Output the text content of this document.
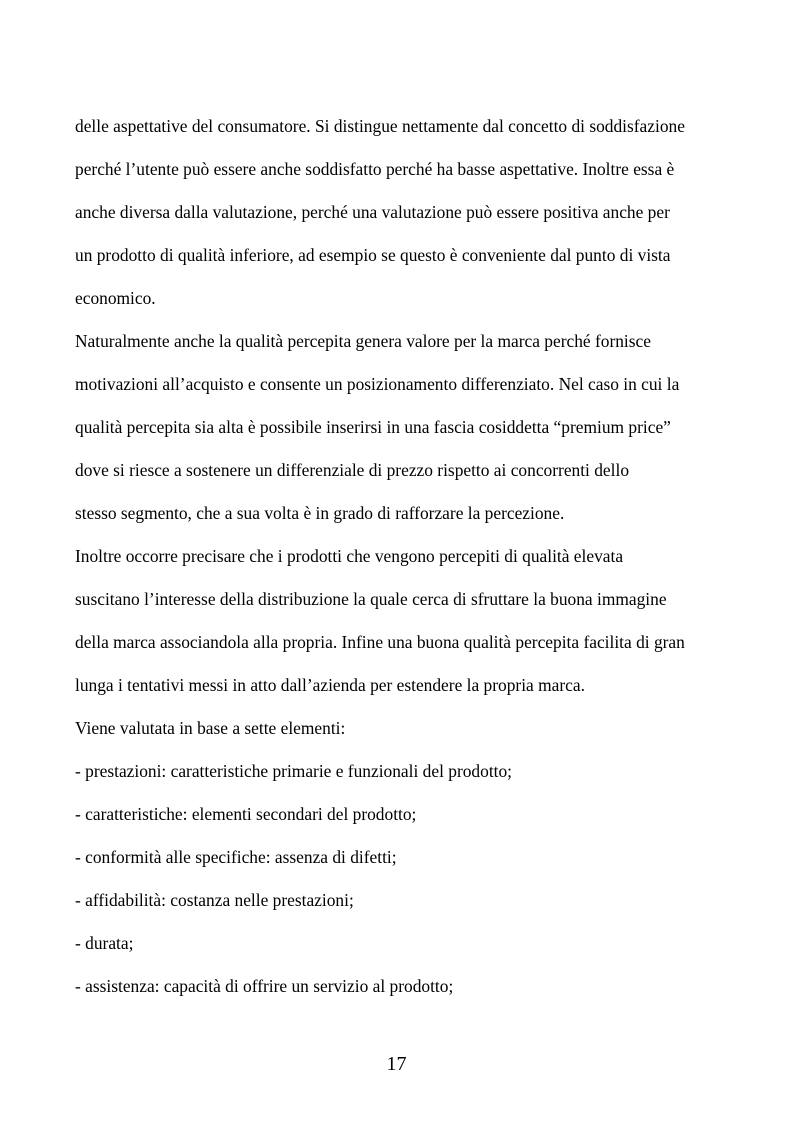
delle aspettative del consumatore. Si distingue nettamente dal concetto di soddisfazione

perché l’utente può essere anche soddisfatto perché ha basse aspettative. Inoltre essa è

anche diversa dalla valutazione, perché una valutazione può essere positiva anche per

un prodotto di qualità inferiore, ad esempio se questo è conveniente dal punto di vista

economico.

Naturalmente anche la qualità percepita genera valore per la marca perché fornisce

motivazioni all’acquisto e consente un posizionamento differenziato. Nel caso in cui la

qualità percepita sia alta è possibile inserirsi in una fascia cosiddetta “premium price”

dove si riesce a sostenere un differenziale di prezzo rispetto ai concorrenti dello

stesso segmento, che a sua volta è in grado di rafforzare la percezione.

Inoltre occorre precisare che i prodotti che vengono percepiti di qualità elevata

suscitano l’interesse della distribuzione la quale cerca di sfruttare la buona immagine

della marca associandola alla propria. Infine una buona qualità percepita facilita di gran

lunga i tentativi messi in atto dall’azienda per estendere la propria marca.

Viene valutata in base a sette elementi:

- prestazioni: caratteristiche primarie e funzionali del prodotto;

- caratteristiche: elementi secondari del prodotto;

- conformità alle specifiche: assenza di difetti;

- affidabilità: costanza nelle prestazioni;

- durata;

- assistenza: capacità di offrire un servizio al prodotto;

17
